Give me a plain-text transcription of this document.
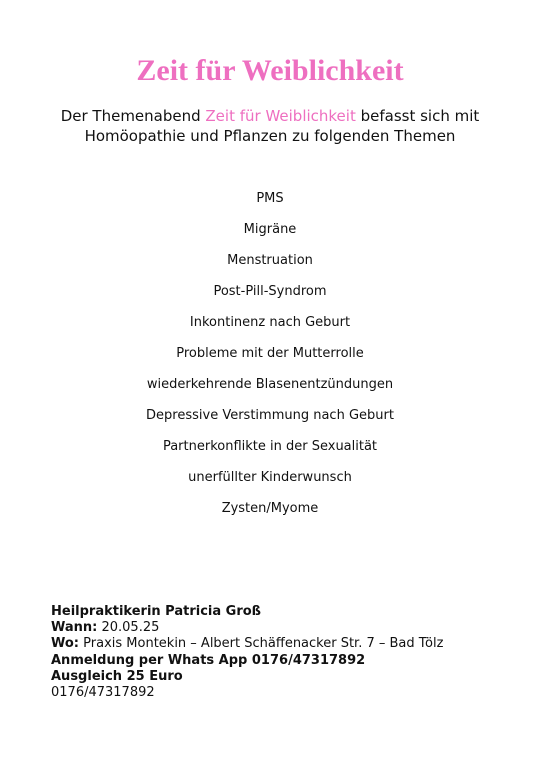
Zeit für Weiblichkeit
Der Themenabend Zeit für Weiblichkeit befasst sich mit Homöopathie und Pflanzen zu folgenden Themen
PMS
Migräne
Menstruation
Post-Pill-Syndrom
Inkontinenz nach Geburt
Probleme mit der Mutterrolle
wiederkehrende Blasenentzündungen
Depressive Verstimmung nach Geburt
Partnerkonflikte in der Sexualität
unerfüllter Kinderwunsch
Zysten/Myome
Heilpraktikerin Patricia Groß
Wann: 20.05.25
Wo: Praxis Montekin – Albert Schäffenacker Str. 7 – Bad Tölz
Anmeldung per Whats App 0176/47317892
Ausgleich 25 Euro
0176/47317892
